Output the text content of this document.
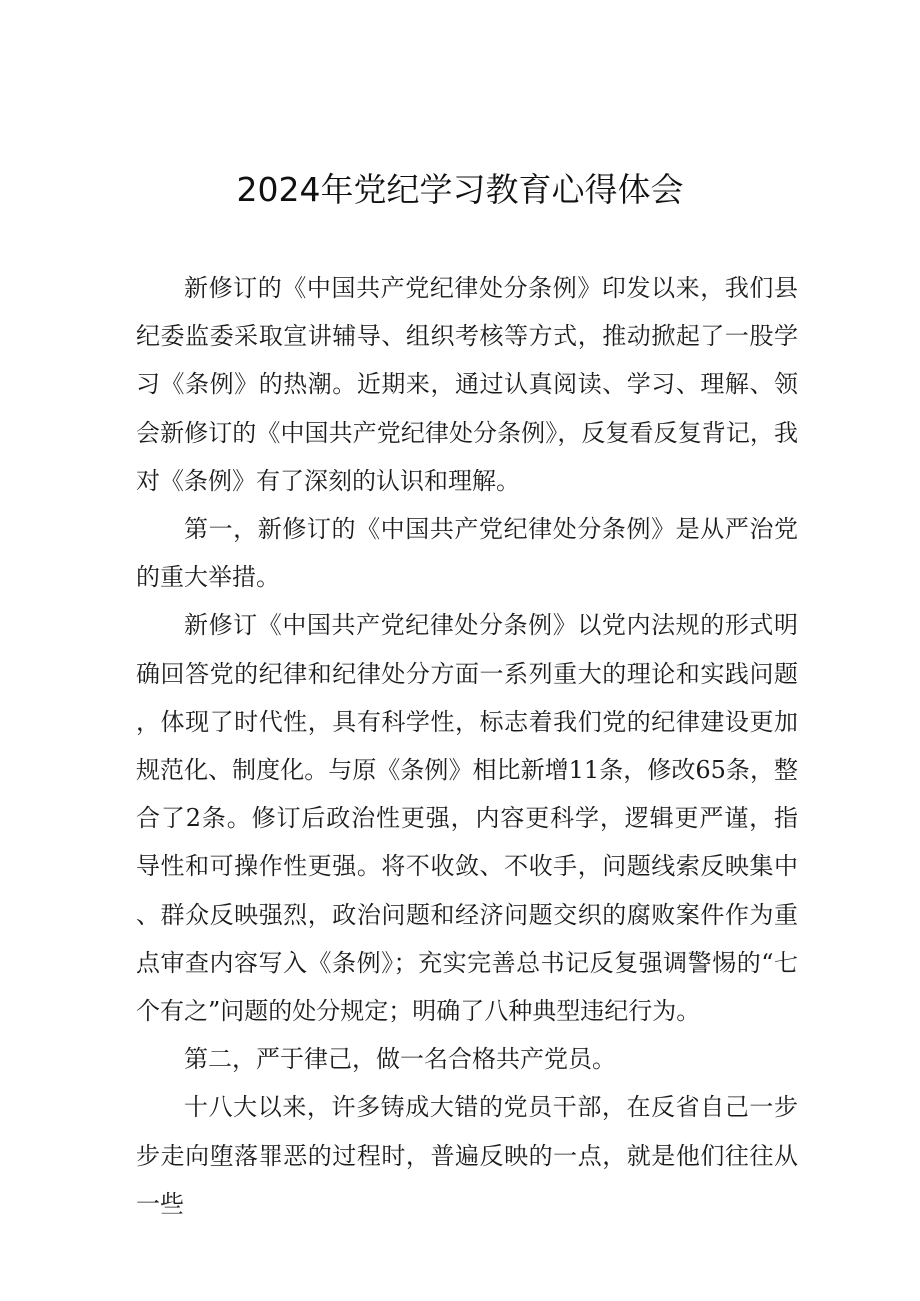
2024年党纪学习教育心得体会

新修订的《中国共产党纪律处分条例》印发以来，我们县纪委监委采取宣讲辅导、组织考核等方式，推动掀起了一股学习《条例》的热潮。近期来，通过认真阅读、学习、理解、领会新修订的《中国共产党纪律处分条例》，反复看反复背记，我对《条例》有了深刻的认识和理解。

第一，新修订的《中国共产党纪律处分条例》是从严治党的重大举措。

新修订《中国共产党纪律处分条例》以党内法规的形式明确回答党的纪律和纪律处分方面一系列重大的理论和实践问题，体现了时代性，具有科学性，标志着我们党的纪律建设更加规范化、制度化。与原《条例》相比新增11条，修改65条，整合了2条。修订后政治性更强，内容更科学，逻辑更严谨，指导性和可操作性更强。将不收敛、不收手，问题线索反映集中、群众反映强烈，政治问题和经济问题交织的腐败案件作为重点审查内容写入《条例》；充实完善总书记反复强调警惕的“七个有之”问题的处分规定；明确了八种典型违纪行为。

第二，严于律己，做一名合格共产党员。

十八大以来，许多铸成大错的党员干部，在反省自己一步步走向堕落罪恶的过程时，普遍反映的一点，就是他们往往从一些
